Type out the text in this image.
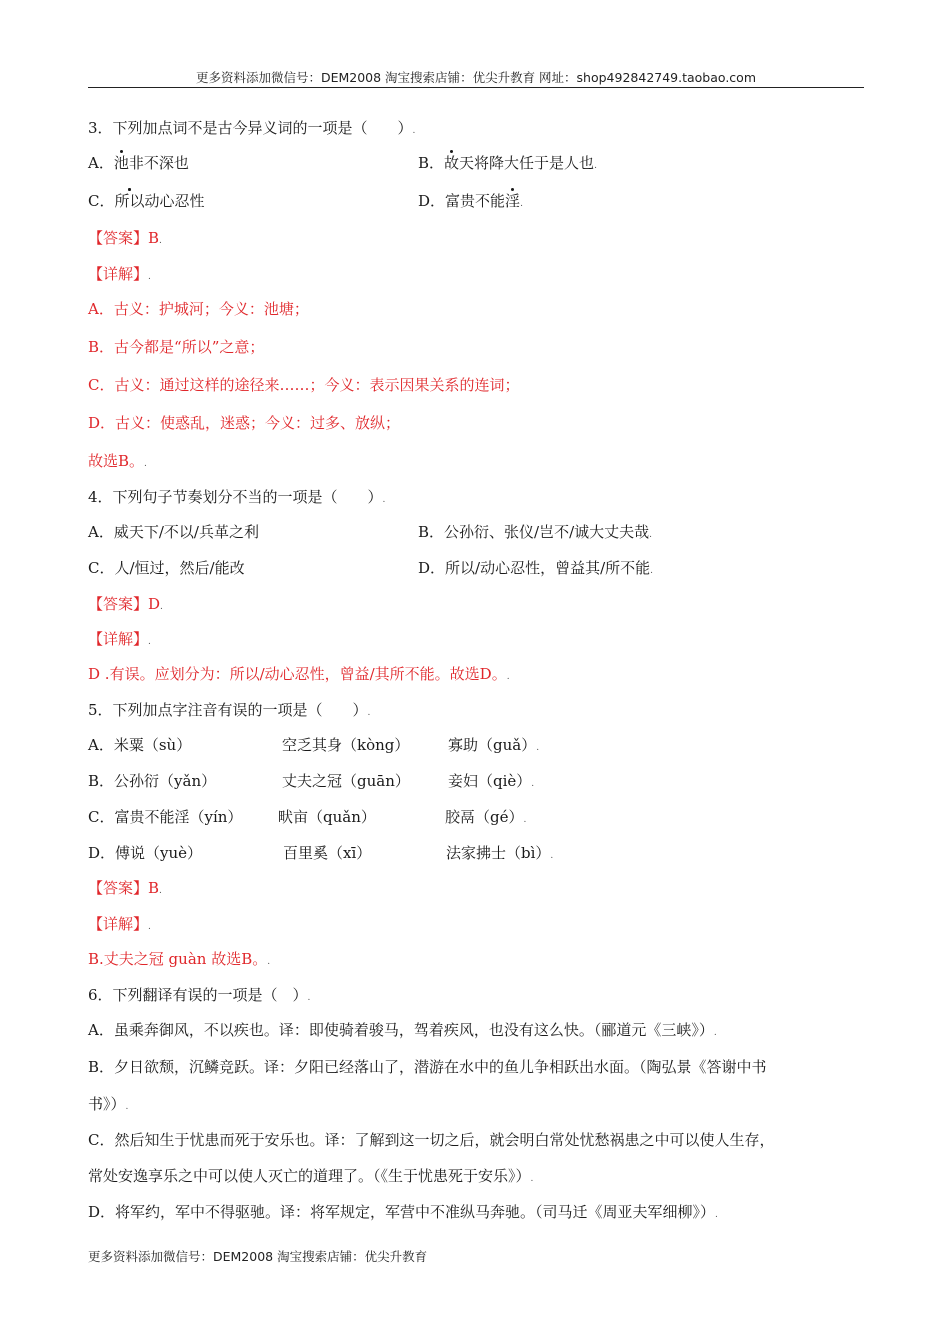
更多资料添加微信号：DEM2008 淘宝搜索店铺：优尖升教育 网址：shop492842749.taobao.com
3．下列加点词不是古今异义词的一项是（　　）.
A．池非不深也	B．故天将降大任于是人也.
C．所以动心忍性	D．富贵不能淫.
【答案】B.
【详解】.
A．古义：护城河；今义：池塘；
B．古今都是“所以”之意；
C．古义：通过这样的途径来……；今义：表示因果关系的连词；
D．古义：使惑乱，迷惑；今义：过多、放纵；
故选B。.
4．下列句子节奏划分不当的一项是（　　）.
A．威天下/不以/兵革之利	B．公孙衍、张仪/岂不/诚大丈夫哉.
C．人/恒过，然后/能改	D．所以/动心忍性，曾益其/所不能.
【答案】D.
【详解】.
D .有误。应划分为：所以/动心忍性，曾益/其所不能。故选D。.
5．下列加点字注音有误的一项是（　　）.
A．米粟（sù）	空乏其身（kòng）	寡助（guǎ）.
B．公孙衍（yǎn）	丈夫之冠（guān）	妾妇（qiè）.
C．富贵不能淫（yín） 畎亩（quǎn）	胶鬲（gé）.
D．傅说（yuè）	百里奚（xī）	法家拂士（bì）.
【答案】B.
【详解】.
B.丈夫之冠 guàn 故选B。.
6．下列翻译有误的一项是（　）.
A．虽乘奔御风，不以疾也。译：即使骑着骏马，驾着疾风，也没有这么快。（郦道元《三峡》）.
B．夕日欲颓，沉鳞竞跃。译：夕阳已经落山了，潜游在水中的鱼儿争相跃出水面。（陶弘景《答谢中书
书》）.
C．然后知生于忧患而死于安乐也。译：了解到这一切之后，就会明白常处忧愁祸患之中可以使人生存，
常处安逸享乐之中可以使人灭亡的道理了。（《生于忧患死于安乐》）.
D．将军约，军中不得驱驰。译：将军规定，军营中不准纵马奔驰。（司马迁《周亚夫军细柳》）.
更多资料添加微信号：DEM2008 淘宝搜索店铺：优尖升教育
